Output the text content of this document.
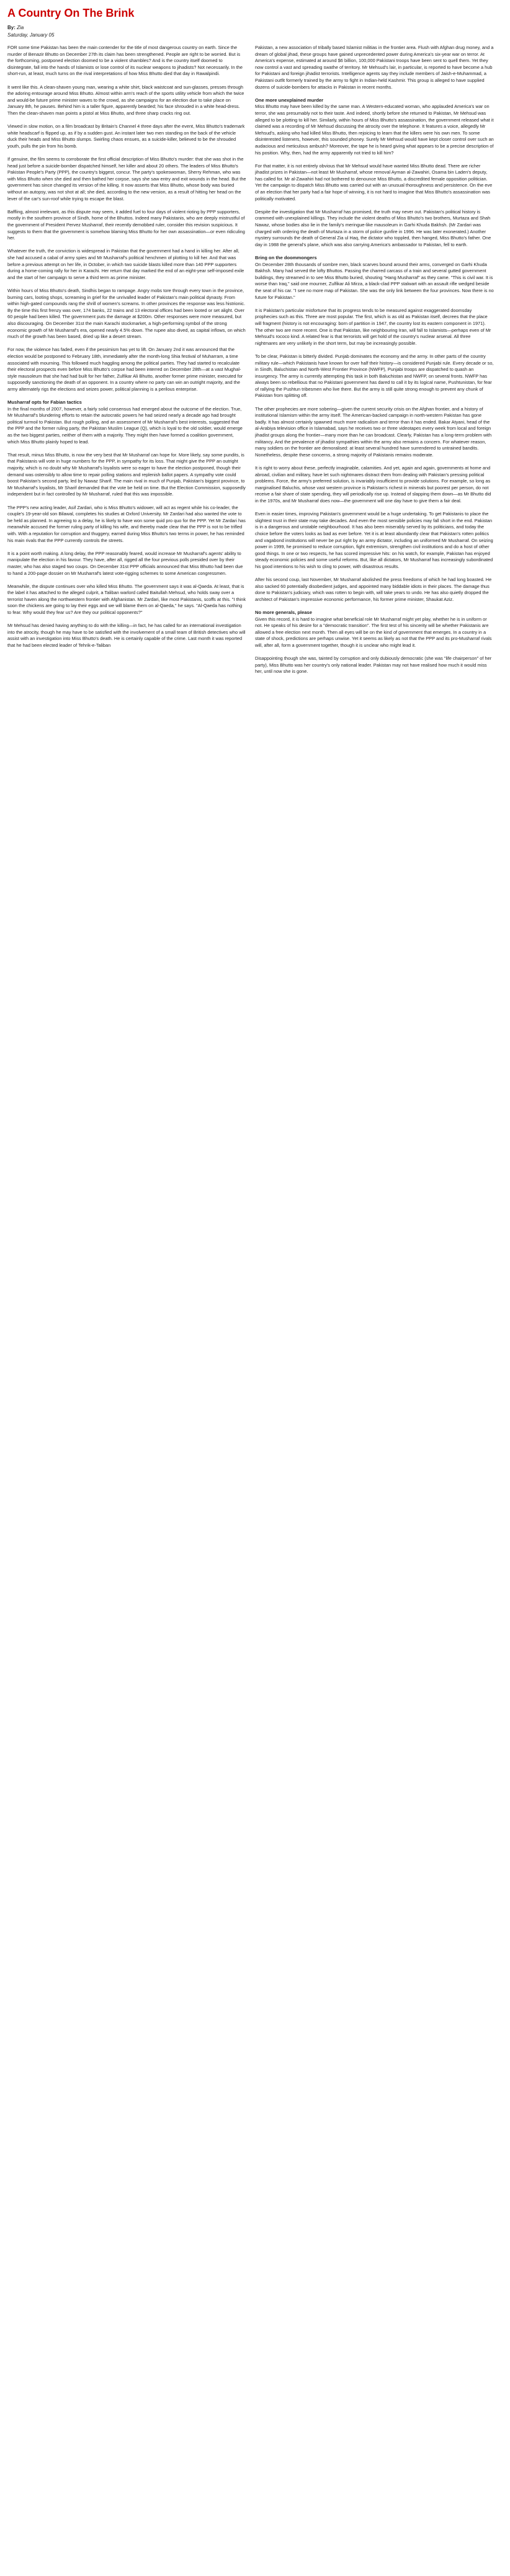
A Country On The Brink
By: Zia
Saturday, January 05

FOR some time Pakistan has been the main contender for the title of most dangerous country on earth. Since the murder of Benazir Bhutto on December 27th its claim has been strengthened. People are right to be worried. But is the forthcoming, postponed election doomed to be a violent shambles? And is the country itself doomed to disintegrate, fall into the hands of Islamists or lose control of its nuclear weapons to jihadists? Not necessarily. In the short-run, at least, much turns on the rival interpretations of how Miss Bhutto died that day in Rawalpindi.

It went like this. A clean-shaven young man, wearing a white shirt, black waistcoat and sun-glasses, presses through the adoring entourage around Miss Bhutto. Almost within arm's reach of the sports utility vehicle from which the twice and would-be future prime minister waves to the crowd, as she campaigns for an election due to take place on January 8th, he pauses. Behind him is a taller figure, apparently bearded; his face shrouded in a white head-dress. Then the clean-shaven man points a pistol at Miss Bhutto, and three sharp cracks ring out.

Viewed in slow motion, on a film broadcast by Britain's Channel 4 three days after the event, Miss Bhutto's trademark white headscarf is flipped up, as if by a sudden gust. An instant later two men standing on the back of the vehicle duck their heads and Miss Bhutto slumps. Swirling chaos ensues, as a suicide-killer, believed to be the shrouded youth, pulls the pin from his bomb.

If genuine, the film seems to corroborate the first official description of Miss Bhutto's murder: that she was shot in the head just before a suicide-bomber dispatched himself, her killer and about 20 others. The leaders of Miss Bhutto's Pakistan People's Party (PPP), the country's biggest, concur. The party's spokeswoman, Sherry Rehman, who was with Miss Bhutto when she died and then bathed her corpse, says she saw entry and exit wounds in the head. But the government has since changed its version of the killing. It now asserts that Miss Bhutto, whose body was buried without an autopsy, was not shot at all; she died, according to the new version, as a result of hitting her head on the lever of the car's sun-roof while trying to escape the blast.

Baffling, almost irrelevant, as this dispute may seem, it added fuel to four days of violent rioting by PPP supporters, mostly in the southern province of Sindh, home of the Bhuttos. Indeed many Pakistanis, who are deeply mistrustful of the government of President Pervez Musharraf, their recently demobbed ruler, consider this revision suspicious. It suggests to them that the government is somehow blaming Miss Bhutto for her own assassination—or even ridiculing her.

Whatever the truth, the conviction is widespread in Pakistan that the government had a hand in killing her. After all, she had accused a cabal of army spies and Mr Musharraf's political henchmen of plotting to kill her. And that was before a previous attempt on her life, in October, in which two suicide blasts killed more than 140 PPP supporters during a home-coming rally for her in Karachi. Her return that day marked the end of an eight-year self-imposed exile and the start of her campaign to serve a third term as prime minister.

Within hours of Miss Bhutto's death, Sindhis began to rampage. Angry mobs tore through every town in the province, burning cars, looting shops, screaming in grief for the unrivalled leader of Pakistan's main political dynasty. From within high-gated compounds rang the shrill of women's screams. In other provinces the response was less histrionic. By the time this first frenzy was over, 174 banks, 22 trains and 13 electoral offices had been looted or set alight. Over 60 people had been killed. The government puts the damage at $200m. Other responses were more measured, but also discouraging. On December 31st the main Karachi stockmarket, a high-performing symbol of the strong economic growth of Mr Musharraf's era, opened nearly 4.5% down. The rupee also dived, as capital inflows, on which much of the growth has been based, dried up like a desert stream.

For now, the violence has faded, even if the pessimism has yet to lift. On January 2nd it was announced that the election would be postponed to February 18th, immediately after the month-long Shia festival of Muharram, a time associated with mourning. This followed much haggling among the political parties. They had started to recalculate their electoral prospects even before Miss Bhutto's corpse had been interred on December 28th—at a vast Mughal-style mausoleum that she had had built for her father, Zulfikar Ali Bhutto, another former prime minister, executed for supposedly sanctioning the death of an opponent. In a country where no party can win an outright majority, and the army alternately rigs the elections and seizes power, political planning is a perilous enterprise.

Musharraf opts for Fabian tactics

In the final months of 2007, however, a fairly solid consensus had emerged about the outcome of the election. True, Mr Musharraf's blundering efforts to retain the autocratic powers he had seized nearly a decade ago had brought political turmoil to Pakistan. But rough polling, and an assessment of Mr Musharraf's best interests, suggested that the PPP and the former ruling party, the Pakistan Muslim League (Q), which is loyal to the old soldier, would emerge as the two biggest parties, neither of them with a majority. They might then have formed a coalition government, which Miss Bhutto plainly hoped to lead.

That result, minus Miss Bhutto, is now the very best that Mr Musharraf can hope for. More likely, say some pundits, is that Pakistanis will vote in huge numbers for the PPP, in sympathy for its loss. That might give the PPP an outright majority, which is no doubt why Mr Musharraf's loyalists were so eager to have the election postponed, though their demand was ostensibly to allow time to repair polling stations and replenish ballot papers. A sympathy vote could boost Pakistan's second party, led by Nawaz Sharif. The main rival in much of Punjab, Pakistan's biggest province, to Mr Musharraf's loyalists, Mr Sharif demanded that the vote be held on time. But the Election Commission, supposedly independent but in fact controlled by Mr Musharraf, ruled that this was impossible.

The PPP's new acting leader, Asif Zardari, who is Miss Bhutto's widower, will act as regent while his co-leader, the couple's 19-year-old son Bilawal, completes his studies at Oxford University. Mr Zardari had also wanted the vote to be held as planned. In agreeing to a delay, he is likely to have won some quid pro quo for the PPP. Yet Mr Zardari has meanwhile accused the former ruling party of killing his wife, and thereby made clear that the PPP is not to be trifled with. With a reputation for corruption and thuggery, earned during Miss Bhutto's two terms in power, he has reminded his main rivals that the PPP currently controls the streets.

It is a point worth making. A long delay, the PPP reasonably feared, would increase Mr Musharraf's agents' ability to manipulate the election in his favour. They have, after all, rigged all the four previous polls presided over by their master, who has also staged two coups. On December 31st PPP officials announced that Miss Bhutto had been due to hand a 200-page dossier on Mr Musharraf's latest vote-rigging schemes to some American congressmen.

Meanwhile, the dispute continues over who killed Miss Bhutto. The government says it was al-Qaeda. At least, that is the label it has attached to the alleged culprit, a Taliban warlord called Baitullah Mehsud, who holds sway over a terrorist haven along the northwestern frontier with Afghanistan. Mr Zardari, like most Pakistanis, scoffs at this. "I think soon the chickens are going to lay their eggs and we will blame them on al-Qaeda," he says. "Al-Qaeda has nothing to fear. Why would they fear us? Are they our political opponents?"

Mr Mehsud has denied having anything to do with the killing—in fact, he has called for an international investigation into the atrocity, though he may have to be satisfied with the involvement of a small team of British detectives who will assist with an investigation into Miss Bhutto's death. He is certainly capable of the crime. Last month it was reported that he had been elected leader of Tehrik-e-Taliban

Pakistan, a new association of tribally based Islamist militias in the frontier area. Flush with Afghan drug money, and a dream of global jihad, these groups have gained unprecedented power during America's six-year war on terror. At America's expense, estimated at around $6 billion, 100,000 Pakistani troops have been sent to quell them. Yet they now control a vast and spreading swathe of territory. Mr Mehsud's lair, in particular, is reported to have become a hub for Pakistani and foreign jihadist terrorists. Intelligence agents say they include members of Jaish-e-Muhammad, a Pakistani outfit formerly trained by the army to fight in Indian-held Kashmir. This group is alleged to have supplied dozens of suicide-bombers for attacks in Pakistan in recent months.

One more unexplained murder

Miss Bhutto may have been killed by the same man. A Western-educated woman, who applauded America's war on terror, she was presumably not to their taste. And indeed, shortly before she returned to Pakistan, Mr Mehsud was alleged to be plotting to kill her. Similarly, within hours of Miss Bhutto's assassination, the government released what it claimed was a recording of Mr Mehsud discussing the atrocity over the telephone. It features a voice, allegedly Mr Mehsud's, asking who had killed Miss Bhutto, then rejoicing to learn that the killers were his own men. To some disinterested listeners, however, this sounded phoney. Surely Mr Mehsud would have kept closer control over such an audacious and meticulous ambush? Moreover, the tape he is heard giving what appears to be a precise description of his position. Why, then, had the army apparently not tried to kill him?

For that matter, it is not entirely obvious that Mr Mehsud would have wanted Miss Bhutto dead. There are richer jihadist prizes in Pakistan—not least Mr Musharraf, whose removal Ayman al-Zawahiri, Osama bin Laden's deputy, has called for. Mr al-Zawahiri had not bothered to denounce Miss Bhutto, a discredited female opposition politician. Yet the campaign to dispatch Miss Bhutto was carried out with an unusual thoroughness and persistence. On the eve of an election that her party had a fair hope of winning, it is not hard to imagine that Miss Bhutto's assassination was politically motivated.

Despite the investigation that Mr Musharraf has promised, the truth may never out. Pakistan's political history is crammed with unexplained killings. They include the violent deaths of Miss Bhutto's two brothers, Murtaza and Shah Nawaz, whose bodies also lie in the family's meringue-like mausoleum in Garhi Khuda Bakhsh. (Mr Zardari was charged with ordering the death of Murtaza in a storm of police gunfire in 1996. He was later exonerated.) Another mystery surrounds the death of General Zia ul Haq, the dictator who toppled, then hanged, Miss Bhutto's father. One day in 1988 the general's plane, which was also carrying America's ambassador to Pakistan, fell to earth.

Bring on the doommongers

On December 28th thousands of sombre men, black scarves bound around their arms, converged on Garhi Khuda Bakhsh. Many had served the lofty Bhuttos. Passing the charred carcass of a train and several gutted government buildings, they streamed in to see Miss Bhutto buried, shouting "Hang Musharraf" as they came. "This is civil war. It is worse than Iraq," said one mourner, Zulfikar Ali Mirza, a black-clad PPP stalwart with an assault rifle wedged beside the seat of his car. "I see no more map of Pakistan. She was the only link between the four provinces. Now there is no future for Pakistan."

It is Pakistan's particular misfortune that its progress tends to be measured against exaggerated doomsday prophecies such as this. Three are most popular. The first, which is as old as Pakistan itself, decrees that the place will fragment (history is not encouraging: born of partition in 1947, the country lost its eastern component in 1971). The other two are more recent. One is that Pakistan, like neighbouring Iran, will fall to Islamists—perhaps even of Mr Mehsud's rococo kind. A related fear is that terrorists will get hold of the country's nuclear arsenal. All three nightmares are very unlikely in the short term, but may be increasingly possible.

To be clear, Pakistan is bitterly divided. Punjab dominates the economy and the army. In other parts of the country military rule—which Pakistanis have known for over half their history—is considered Punjabi rule. Every decade or so, in Sindh, Baluchistan and North-West Frontier Province (NWFP), Punjabi troops are dispatched to quash an insurgency. The army is currently attempting this task in both Baluchistan and NWFP, on several fronts. NWFP has always been so rebellious that no Pakistani government has dared to call it by its logical name, Pushtunistan, for fear of rallying the Pushtun tribesmen who live there. But the army is still quite strong enough to prevent any chunk of Pakistan from splitting off.

The other prophecies are more sobering—given the current security crisis on the Afghan frontier, and a history of institutional Islamism within the army itself. The American-backed campaign in north-western Pakistan has gone badly. It has almost certainly spawned much more radicalism and terror than it has ended. Bakar Atyani, head of the al-Arabiya television office in Islamabad, says he receives two or three videotapes every week from local and foreign jihadist groups along the frontier—many more than he can broadcast. Clearly, Pakistan has a long-term problem with militancy. And the prevalence of jihadist sympathies within the army also remains a concern. For whatever reason, many soldiers on the frontier are demoralised: at least several hundred have surrendered to untrained bandits. Nonetheless, despite these concerns, a strong majority of Pakistanis remains moderate.

It is right to worry about these, perfectly imaginable, calamities. And yet, again and again, governments at home and abroad, civilian and military, have let such nightmares distract them from dealing with Pakistan's pressing political problems. Force, the army's preferred solution, is invariably insufficient to provide solutions. For example, so long as marginalised Baluchis, whose vast western province is Pakistan's richest in minerals but poorest per person, do not receive a fair share of state spending, they will periodically rise up. Instead of slapping them down—as Mr Bhutto did in the 1970s, and Mr Musharraf does now—the government will one day have to give them a fair deal.

Even in easier times, improving Pakistan's government would be a huge undertaking. To get Pakistanis to place the slightest trust in their state may take decades. And even the most sensible policies may fall short in the end. Pakistan is in a dangerous and unstable neighbourhood. It has also been miserably served by its politicians, and today the choice before the voters looks as bad as ever before. Yet it is at least abundantly clear that Pakistan's rotten politics and vagabond institutions will never be put right by an army dictator, including an uniformed Mr Musharraf. On seizing power in 1999, he promised to reduce corruption, fight extremism, strengthen civil institutions and do a host of other good things. In one or two respects, he has scored impressive hits: on his watch, for example, Pakistan has enjoyed steady economic policies and some useful reforms. But, like all dictators, Mr Musharraf has increasingly subordinated his good intentions to his wish to cling to power, with disastrous results.

After his second coup, last November, Mr Musharraf abolished the press freedoms of which he had long boasted. He also sacked 60 potentially disobedient judges, and appointed many biddable idiots in their places. The damage thus done to Pakistan's judiciary, which was rotten to begin with, will take years to undo. He has also quietly dropped the architect of Pakistan's impressive economic performance, his former prime minister, Shaukat Aziz.

No more generals, please

Given this record, it is hard to imagine what beneficial role Mr Musharraf might yet play, whether he is in uniform or not. He speaks of his desire for a "democratic transition". The first test of his sincerity will be whether Pakistanis are allowed a free election next month. Then all eyes will be on the kind of government that emerges. In a country in a state of shock, predictions are perhaps unwise. Yet it seems as likely as not that the PPP and its pro-Musharraf rivals will, after all, form a government together, though it is unclear who might lead it.

Disappointing though she was, tainted by corruption and only dubiously democratic (she was "life chairperson" of her party), Miss Bhutto was her country's only national leader. Pakistan may not have realised how much it would miss her, until now she is gone.
